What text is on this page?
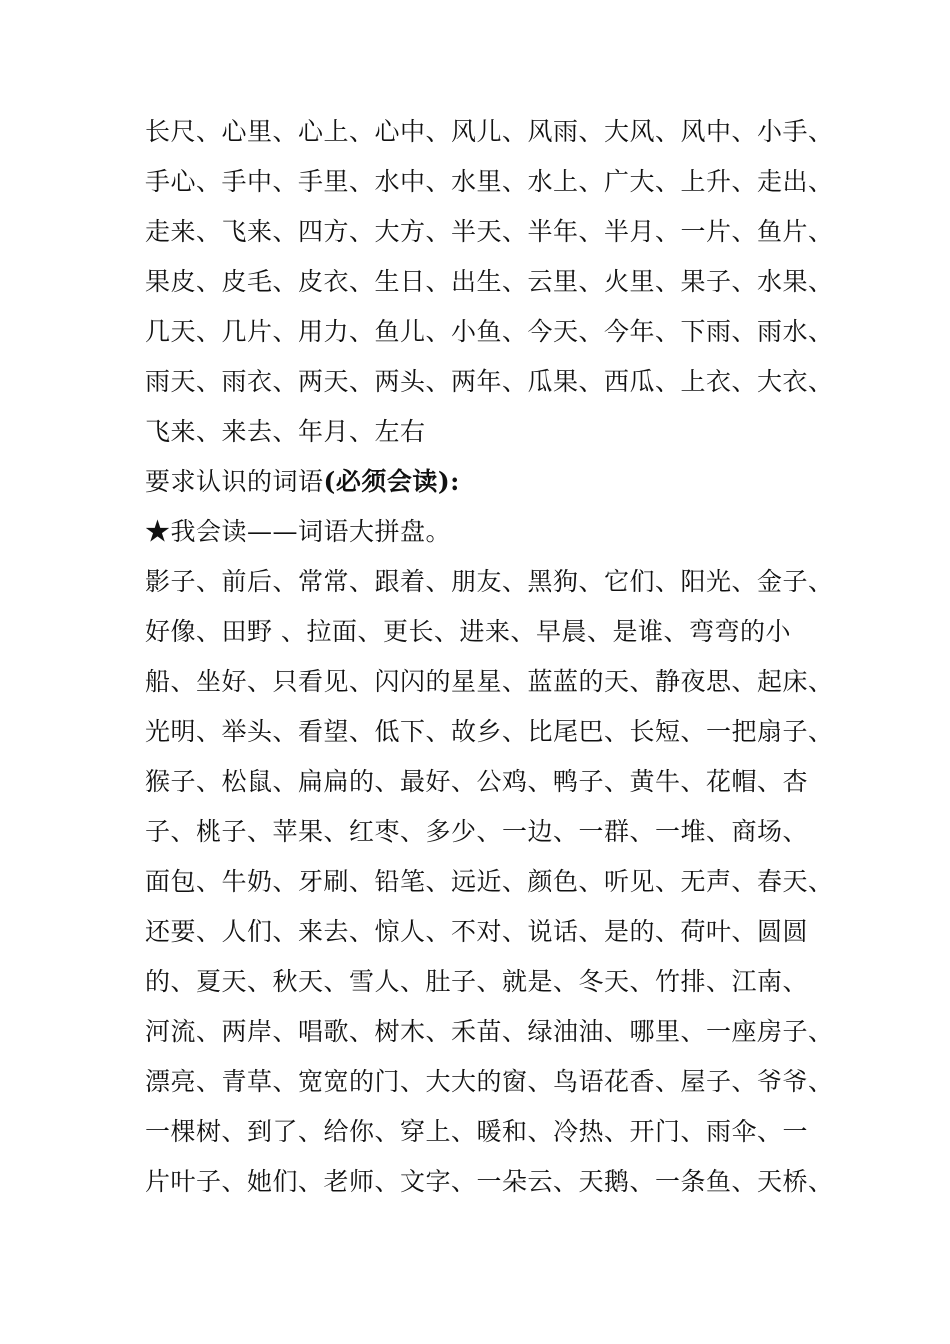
长尺、心里、心上、心中、风儿、风雨、大风、风中、小手、
手心、手中、手里、水中、水里、水上、广大、上升、走出、
走来、飞来、四方、大方、半天、半年、半月、一片、鱼片、
果皮、皮毛、皮衣、生日、出生、云里、火里、果子、水果、
几天、几片、用力、鱼儿、小鱼、今天、今年、下雨、雨水、
雨天、雨衣、两天、两头、两年、瓜果、西瓜、上衣、大衣、
飞来、来去、年月、左右
要求认识的词语(必须会读):
★我会读——词语大拼盘。
影子、前后、常常、跟着、朋友、黑狗、它们、阳光、金子、
好像、田野 、拉面、更长、进来、早晨、是谁、弯弯的小
船、坐好、只看见、闪闪的星星、蓝蓝的天、静夜思、起床、
光明、举头、看望、低下、故乡、比尾巴、长短、一把扇子、
猴子、松鼠、扁扁的、最好、公鸡、鸭子、黄牛、花帽、杏
子、桃子、苹果、红枣、多少、一边、一群、一堆、商场、
面包、牛奶、牙刷、铅笔、远近、颜色、听见、无声、春天、
还要、人们、来去、惊人、不对、说话、是的、荷叶、圆圆
的、夏天、秋天、雪人、肚子、就是、冬天、竹排、江南、
河流、两岸、唱歌、树木、禾苗、绿油油、哪里、一座房子、
漂亮、青草、宽宽的门、大大的窗、鸟语花香、屋子、爷爷、
一棵树、到了、给你、穿上、暖和、冷热、开门、雨伞、一
片叶子、她们、老师、文字、一朵云、天鹅、一条鱼、天桥、
